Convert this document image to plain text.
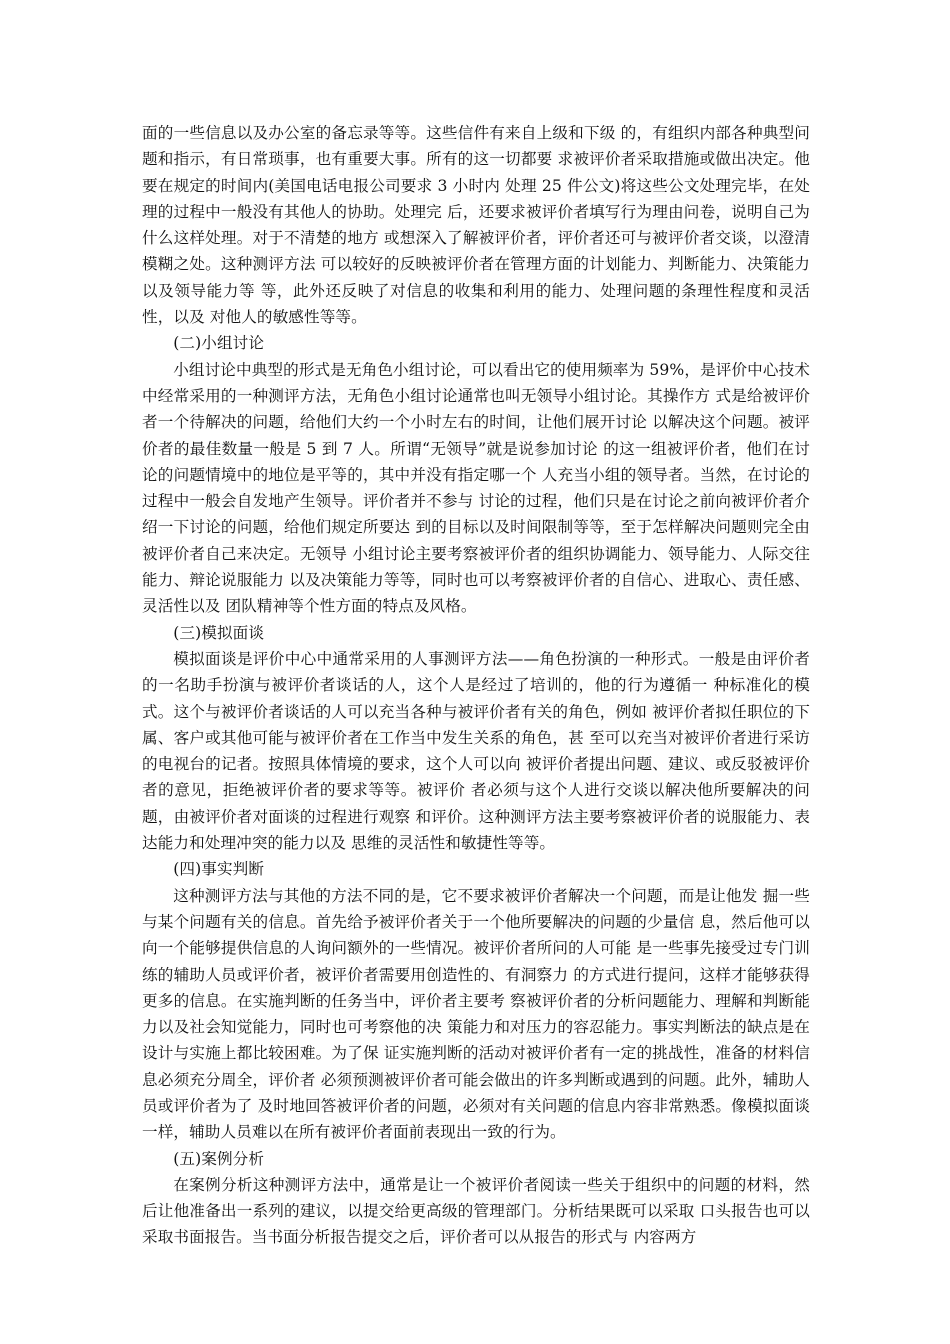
面的一些信息以及办公室的备忘录等等。这些信件有来自上级和下级 的，有组织内部各种典型问题和指示，有日常琐事，也有重要大事。所有的这一切都要 求被评价者采取措施或做出决定。他要在规定的时间内(美国电话电报公司要求 3 小时内 处理 25 件公文)将这些公文处理完毕，在处理的过程中一般没有其他人的协助。处理完 后，还要求被评价者填写行为理由问卷，说明自己为什么这样处理。对于不清楚的地方 或想深入了解被评价者，评价者还可与被评价者交谈，以澄清模糊之处。这种测评方法 可以较好的反映被评价者在管理方面的计划能力、判断能力、决策能力以及领导能力等 等，此外还反映了对信息的收集和利用的能力、处理问题的条理性程度和灵活性，以及 对他人的敏感性等等。

(二)小组讨论

小组讨论中典型的形式是无角色小组讨论，可以看出它的使用频率为 59%，是评价中心技术中经常采用的一种测评方法，无角色小组讨论通常也叫无领导小组讨论。其操作方 式是给被评价者一个待解决的问题，给他们大约一个小时左右的时间，让他们展开讨论 以解决这个问题。被评价者的最佳数量一般是 5 到 7 人。所谓“无领导”就是说参加讨论 的这一组被评价者，他们在讨论的问题情境中的地位是平等的，其中并没有指定哪一个 人充当小组的领导者。当然，在讨论的过程中一般会自发地产生领导。评价者并不参与 讨论的过程，他们只是在讨论之前向被评价者介绍一下讨论的问题，给他们规定所要达 到的目标以及时间限制等等，至于怎样解决问题则完全由被评价者自己来决定。无领导 小组讨论主要考察被评价者的组织协调能力、领导能力、人际交往能力、辩论说服能力 以及决策能力等等，同时也可以考察被评价者的自信心、进取心、责任感、灵活性以及 团队精神等个性方面的特点及风格。

(三)模拟面谈

模拟面谈是评价中心中通常采用的人事测评方法——角色扮演的一种形式。一般是由评价者的一名助手扮演与被评价者谈话的人，这个人是经过了培训的，他的行为遵循一 种标准化的模式。这个与被评价者谈话的人可以充当各种与被评价者有关的角色，例如 被评价者拟任职位的下属、客户或其他可能与被评价者在工作当中发生关系的角色，甚 至可以充当对被评价者进行采访的电视台的记者。按照具体情境的要求，这个人可以向 被评价者提出问题、建议、或反驳被评价者的意见，拒绝被评价者的要求等等。被评价 者必须与这个人进行交谈以解决他所要解决的问题，由被评价者对面谈的过程进行观察 和评价。这种测评方法主要考察被评价者的说服能力、表达能力和处理冲突的能力以及 思维的灵活性和敏捷性等等。

(四)事实判断

这种测评方法与其他的方法不同的是，它不要求被评价者解决一个问题，而是让他发 掘一些与某个问题有关的信息。首先给予被评价者关于一个他所要解决的问题的少量信 息，然后他可以向一个能够提供信息的人询问额外的一些情况。被评价者所问的人可能 是一些事先接受过专门训练的辅助人员或评价者，被评价者需要用创造性的、有洞察力 的方式进行提问，这样才能够获得更多的信息。在实施判断的任务当中，评价者主要考 察被评价者的分析问题能力、理解和判断能力以及社会知觉能力，同时也可考察他的决 策能力和对压力的容忍能力。事实判断法的缺点是在设计与实施上都比较困难。为了保 证实施判断的活动对被评价者有一定的挑战性，准备的材料信息必须充分周全，评价者 必须预测被评价者可能会做出的许多判断或遇到的问题。此外，辅助人员或评价者为了 及时地回答被评价者的问题，必须对有关问题的信息内容非常熟悉。像模拟面谈一样，辅助人员难以在所有被评价者面前表现出一致的行为。

(五)案例分析

在案例分析这种测评方法中，通常是让一个被评价者阅读一些关于组织中的问题的材料，然后让他准备出一系列的建议，以提交给更高级的管理部门。分析结果既可以采取 口头报告也可以采取书面报告。当书面分析报告提交之后，评价者可以从报告的形式与 内容两方
